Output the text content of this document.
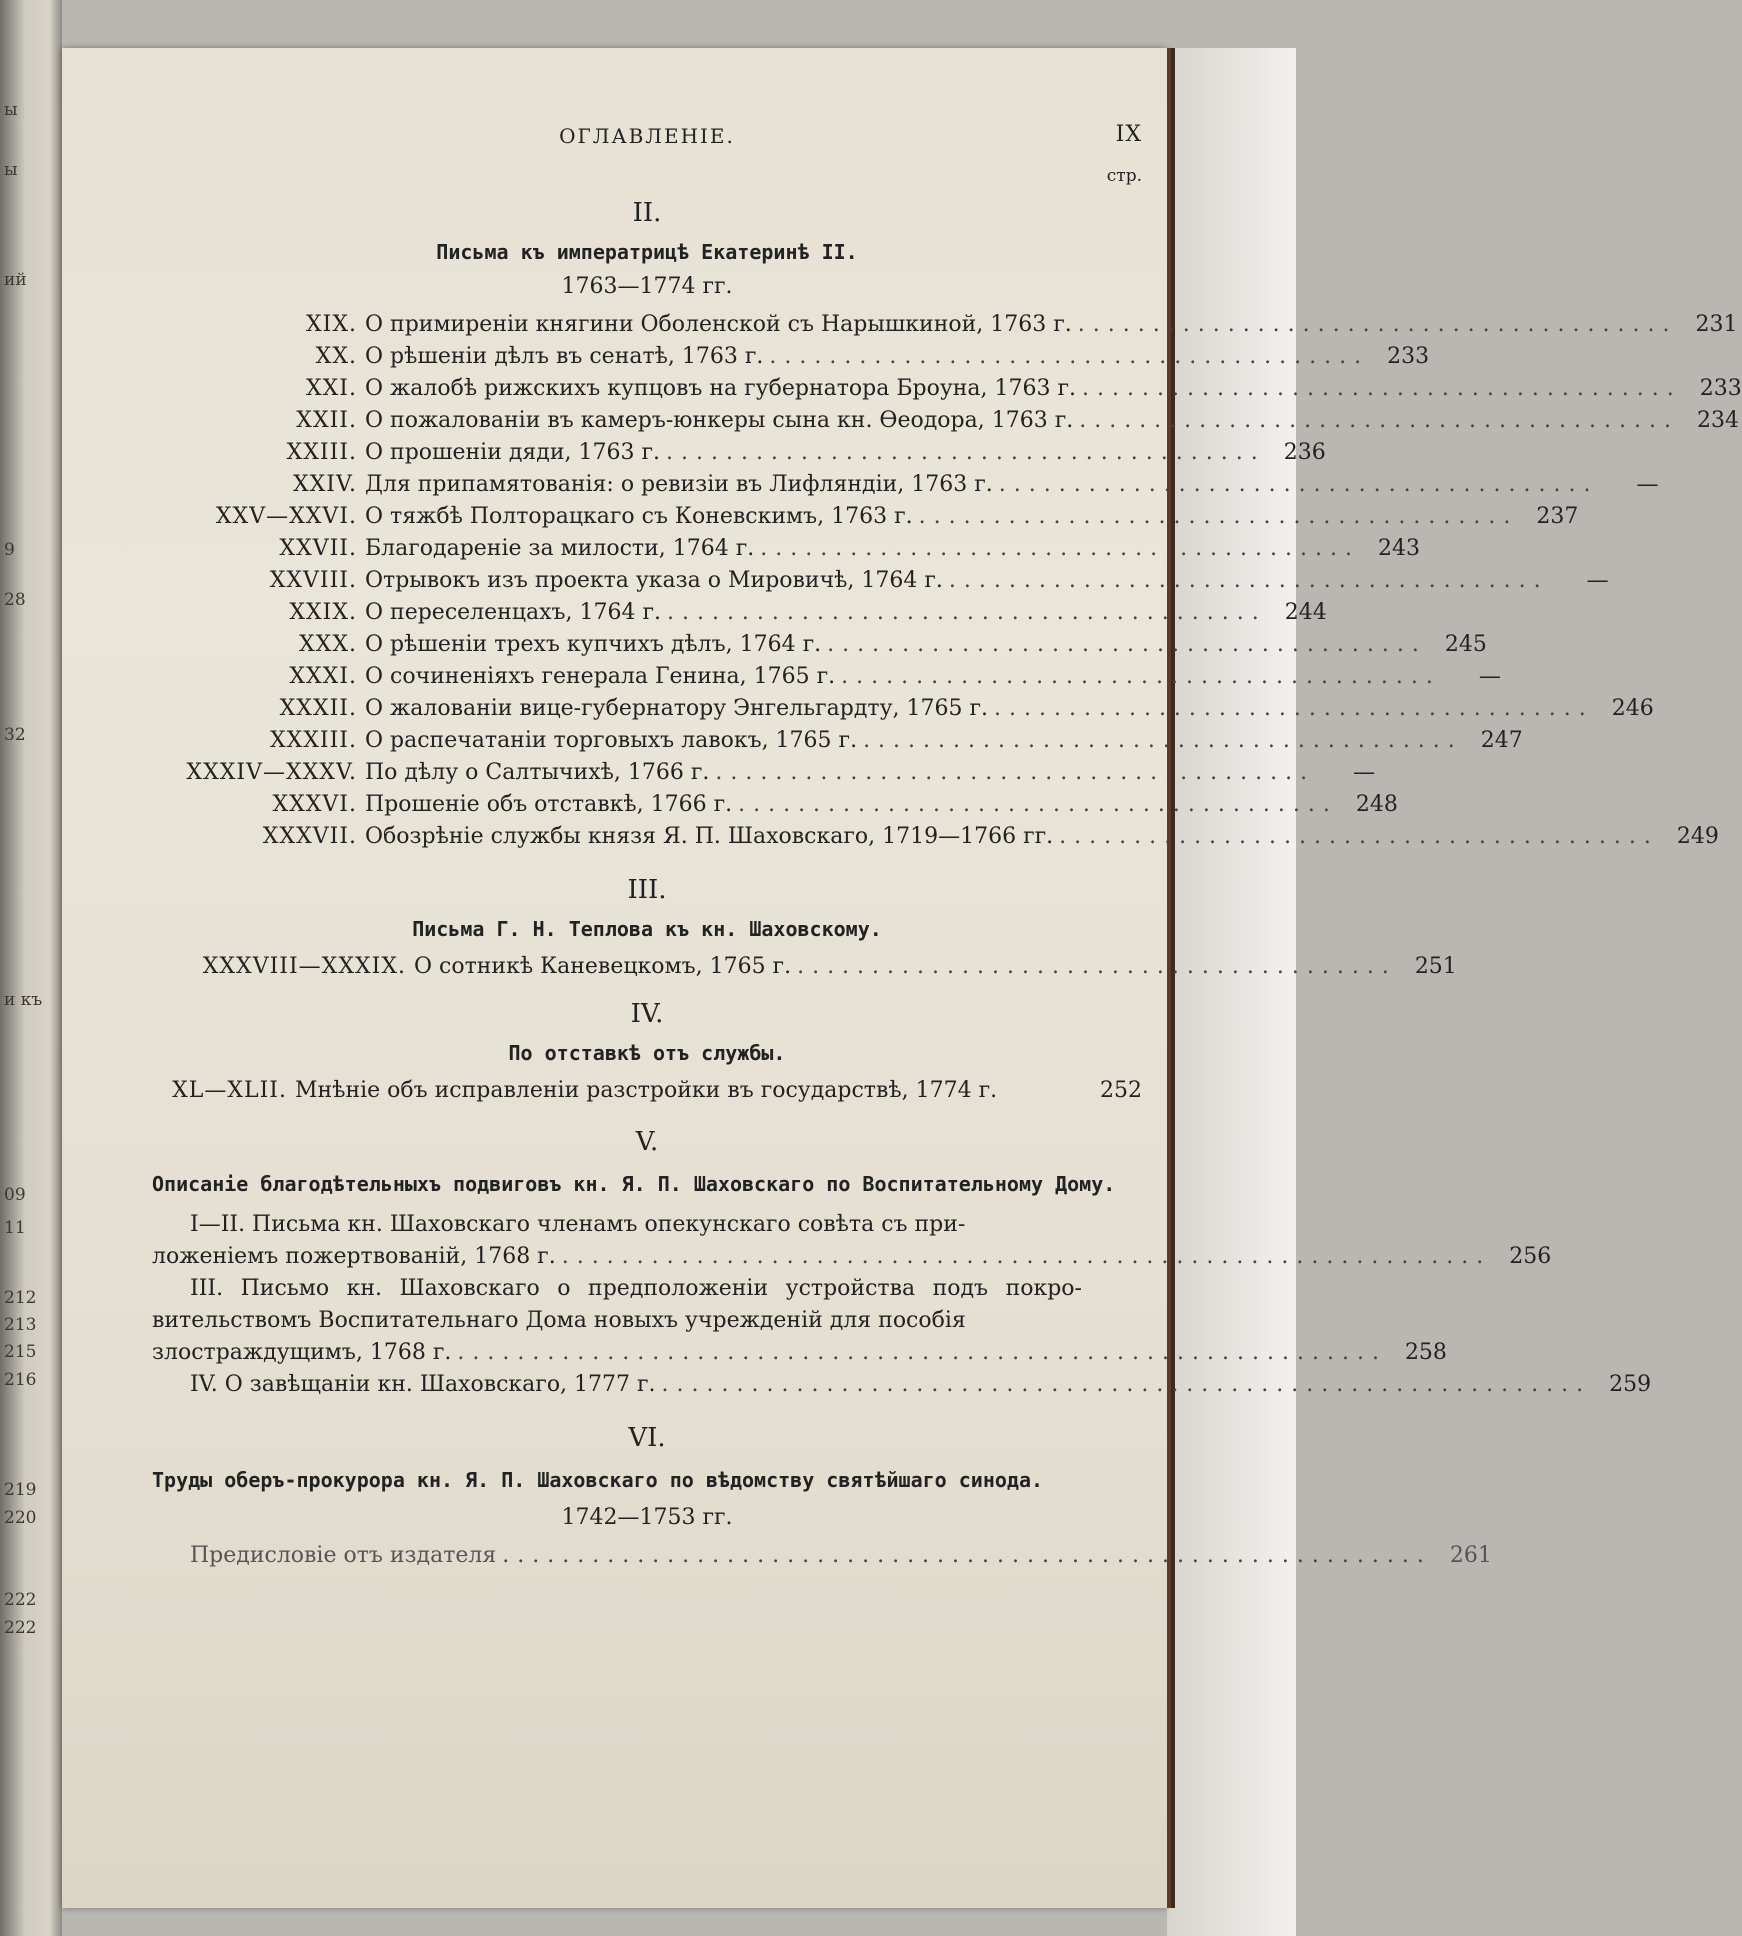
ы
ы
ий
9
28
32
и къ
09
11
212
213
215
216
219
220
222
222
ОГЛАВЛЕНІЕ.	IX
стр.
II.
Письма къ императрицѣ Екатеринѣ II.
1763—1774 гг.
XIX. О примиреніи княгини Оболенской съ Нарышкиной, 1763 г. ........................................ 231
XX. О рѣшеніи дѣлъ въ сенатѣ, 1763 г. ........................................ 233
XXI. О жалобѣ рижскихъ купцовъ на губернатора Броуна, 1763 г. ........................................ 233
XXII. О пожалованіи въ камеръ-юнкеры сына кн. Ѳеодора, 1763 г. ........................................ 234
XXIII. О прошеніи дяди, 1763 г. ........................................ 236
XXIV. Для припамятованія: о ревизіи въ Лифляндіи, 1763 г. ........................................	—
XXV—XXVI. О тяжбѣ Полторацкаго съ Коневскимъ, 1763 г. ........................................ 237
XXVII. Благодареніе за милости, 1764 г. ........................................ 243
XXVIII. Отрывокъ изъ проекта указа о Мировичѣ, 1764 г. ........................................	—
XXIX. О переселенцахъ, 1764 г. ........................................ 244
XXX. О рѣшеніи трехъ купчихъ дѣлъ, 1764 г. ........................................ 245
XXXI. О сочиненіяхъ генерала Генина, 1765 г. ........................................	—
XXXII. О жалованіи вице-губернатору Энгельгардту, 1765 г. ........................................ 246
XXXIII. О распечатаніи торговыхъ лавокъ, 1765 г. ........................................ 247
XXXIV—XXXV. По дѣлу о Салтычихѣ, 1766 г. ........................................	—
XXXVI. Прошеніе объ отставкѣ, 1766 г. ........................................ 248
XXXVII. Обозрѣніе службы князя Я. П. Шаховскаго, 1719—1766 гг. ........................................ 249
III.
Письма Г. Н. Теплова къ кн. Шаховскому.
XXXVIII—XXXIX. О сотникѣ Каневецкомъ, 1765 г. ........................................ 251
IV.
По отставкѣ отъ службы.
XL—XLII. Мнѣніе объ исправленіи разстройки въ государствѣ, 1774 г.	252
V.
Описаніе благодѣтельныхъ подвиговъ кн. Я. П. Шаховскаго по Воспитательному Дому.
I—II. Письма кн. Шаховскаго членамъ опекунскаго совѣта съ при-
ложеніемъ пожертвованій, 1768 г. .............................................................. 256
III. Письмо кн. Шаховскаго о предположеніи устройства подъ покро- вительствомъ Воспитательнаго Дома новыхъ учрежденій для пособія
злостраждущимъ, 1768 г. .............................................................. 258
IV. О завѣщаніи кн. Шаховскаго, 1777 г. .............................................................. 259
VI.
Труды оберъ-прокурора кн. Я. П. Шаховскаго по вѣдомству святѣйшаго синода.
1742—1753 гг.
Предисловіе отъ издателя .............................................................. 261
